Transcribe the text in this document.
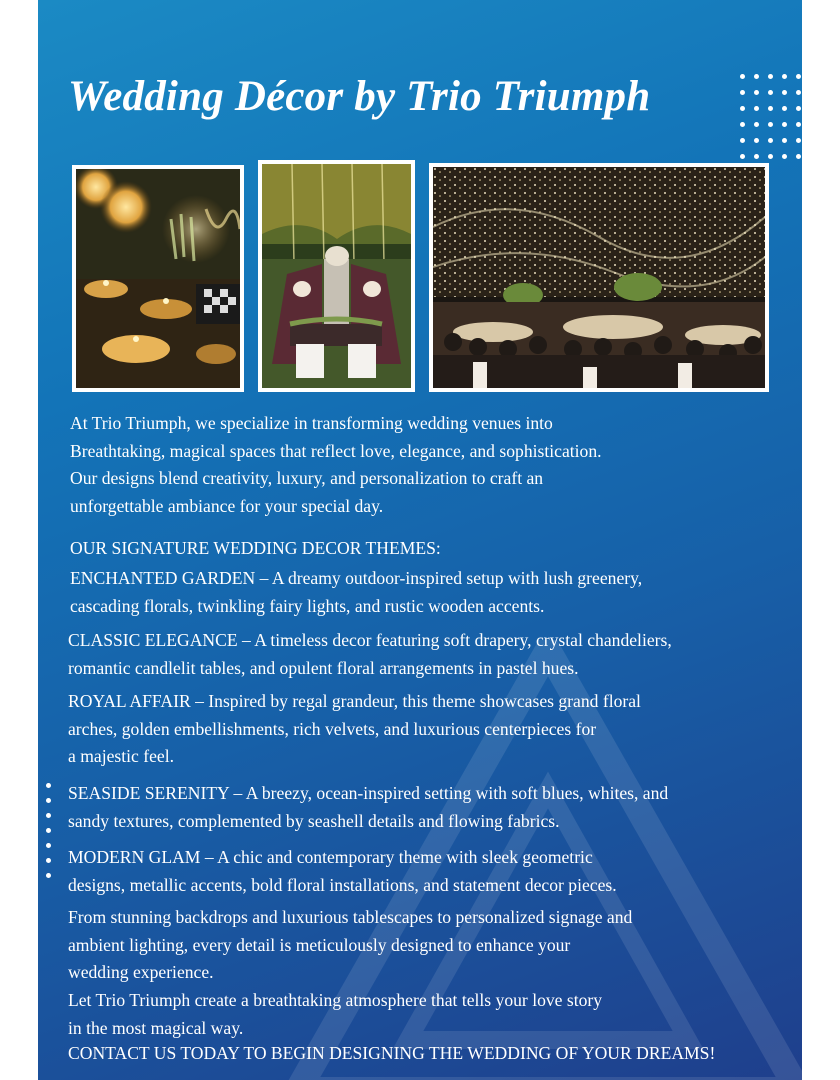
Wedding Décor by Trio Triumph

At Trio Triumph, we specialize in transforming wedding venues into
Breathtaking, magical spaces that reflect love, elegance, and sophistication.
Our designs blend creativity, luxury, and personalization to craft an
unforgettable ambiance for your special day.

OUR SIGNATURE WEDDING DECOR THEMES:

ENCHANTED GARDEN – A dreamy outdoor-inspired setup with lush greenery,
cascading florals, twinkling fairy lights, and rustic wooden accents.

CLASSIC ELEGANCE – A timeless decor featuring soft drapery, crystal chandeliers,
romantic candlelit tables, and opulent floral arrangements in pastel hues.

ROYAL AFFAIR – Inspired by regal grandeur, this theme showcases grand floral
arches, golden embellishments, rich velvets, and luxurious centerpieces for
a majestic feel.

SEASIDE SERENITY – A breezy, ocean-inspired setting with soft blues, whites, and
sandy textures, complemented by seashell details and flowing fabrics.

MODERN GLAM – A chic and contemporary theme with sleek geometric
designs, metallic accents, bold floral installations, and statement decor pieces.

From stunning backdrops and luxurious tablescapes to personalized signage and
ambient lighting, every detail is meticulously designed to enhance your
wedding experience.

Let Trio Triumph create a breathtaking atmosphere that tells your love story
in the most magical way.

CONTACT US TODAY TO BEGIN DESIGNING THE WEDDING OF YOUR DREAMS!
